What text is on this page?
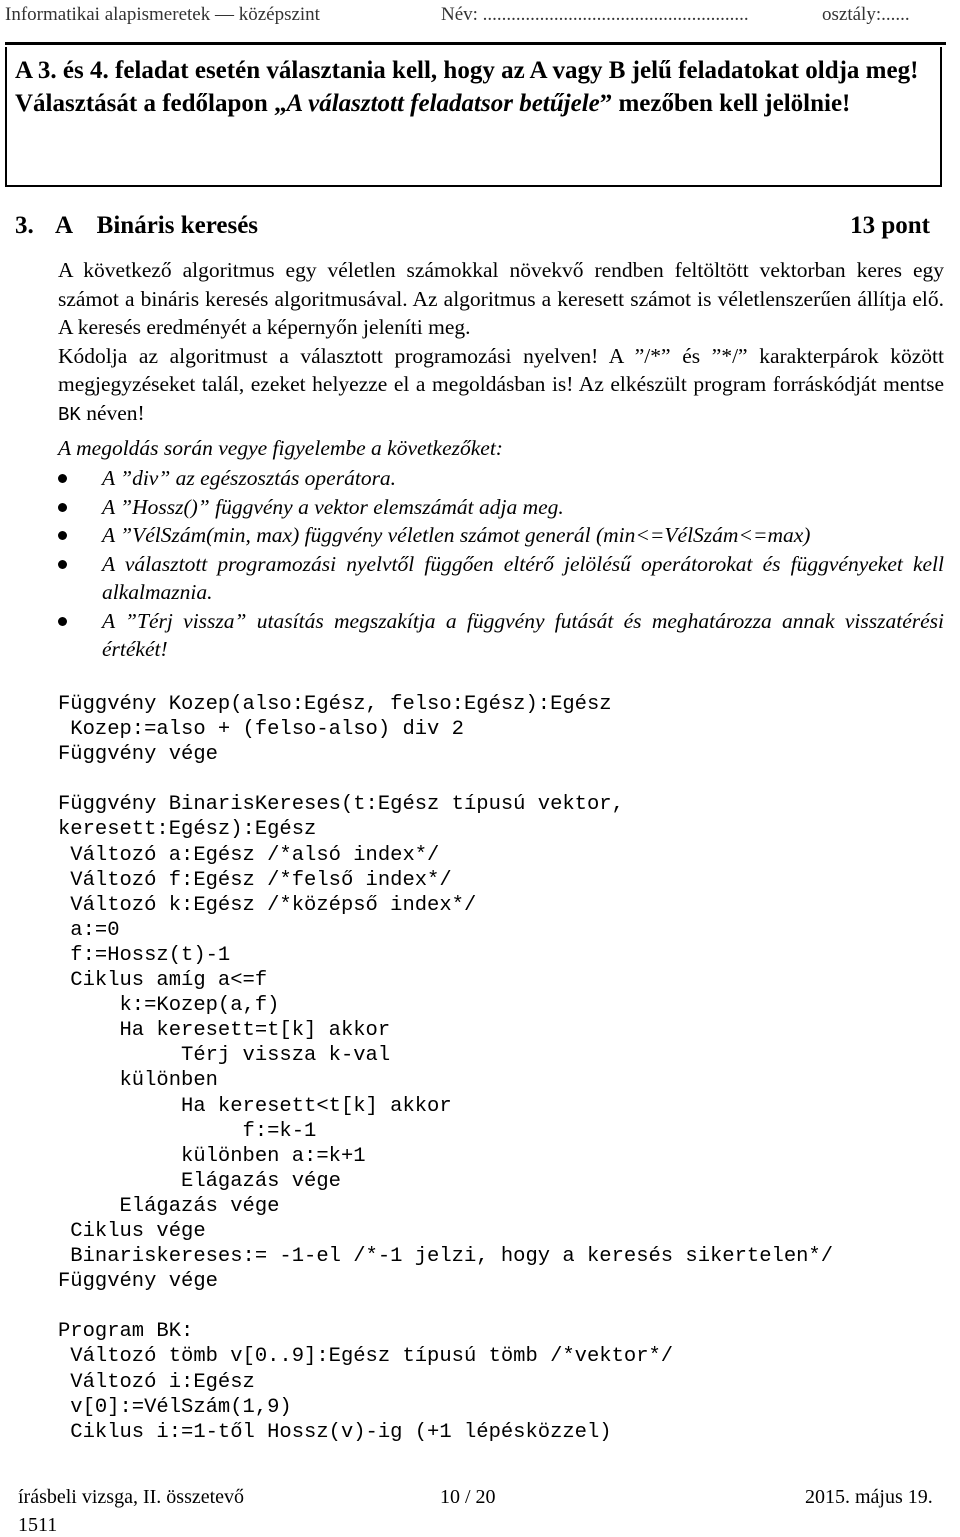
Informatikai alapismeretek — középszint	Név: ........................................................	osztály:......

A 3. és 4. feladat esetén választania kell, hogy az A vagy B jelű feladatokat oldja meg!

Választását a fedőlapon „A választott feladatsor betűjele” mezőben kell jelölnie!

3. A    Bináris keresés	13 pont

A következő algoritmus egy véletlen számokkal növekvő rendben feltöltött vektorban keres egy számot a bináris keresés algoritmusával. Az algoritmus a keresett számot is véletlenszerűen állítja elő. A keresés eredményét a képernyőn jeleníti meg.

Kódolja az algoritmust a választott programozási nyelven! A ”/*” és ”*/” karakterpárok között megjegyzéseket talál, ezeket helyezze el a megoldásban is! Az elkészült program forráskódját mentse BK néven!

A megoldás során vegye figyelembe a következőket:
A ”div” az egészosztás operátora.
A ”Hossz()” függvény a vektor elemszámát adja meg.
A ”VélSzám(min, max) függvény véletlen számot generál (min<=VélSzám<=max)
A választott programozási nyelvtől függően eltérő jelölésű operátorokat és függvényeket kell alkalmaznia.
A ”Térj vissza” utasítás megszakítja a függvény futását és meghatározza annak visszatérési értékét!
Függvény Kozep(also:Egész, felso:Egész):Egész
Kozep:=also + (felso-also) div 2
Függvény vége
Függvény BinarisKereses(t:Egész típusú vektor,
keresett:Egész):Egész
Változó a:Egész /*alsó index*/
Változó f:Egész /*felső index*/
Változó k:Egész /*középső index*/
a:=0
f:=Hossz(t)-1
Ciklus amíg a<=f
k:=Kozep(a,f)
Ha keresett=t[k] akkor
Térj vissza k-val
különben
Ha keresett<t[k] akkor
f:=k-1
különben a:=k+1
Elágazás vége
Elágazás vége
Ciklus vége
Binariskereses:= -1-el /*-1 jelzi, hogy a keresés sikertelen*/
Függvény vége
Program BK:
Változó tömb v[0..9]:Egész típusú tömb /*vektor*/
Változó i:Egész
v[0]:=VélSzám(1,9)
Ciklus i:=1-től Hossz(v)-ig (+1 lépésközzel)
írásbeli vizsga, II. összetevő
1511
10 / 20	2015. május 19.
